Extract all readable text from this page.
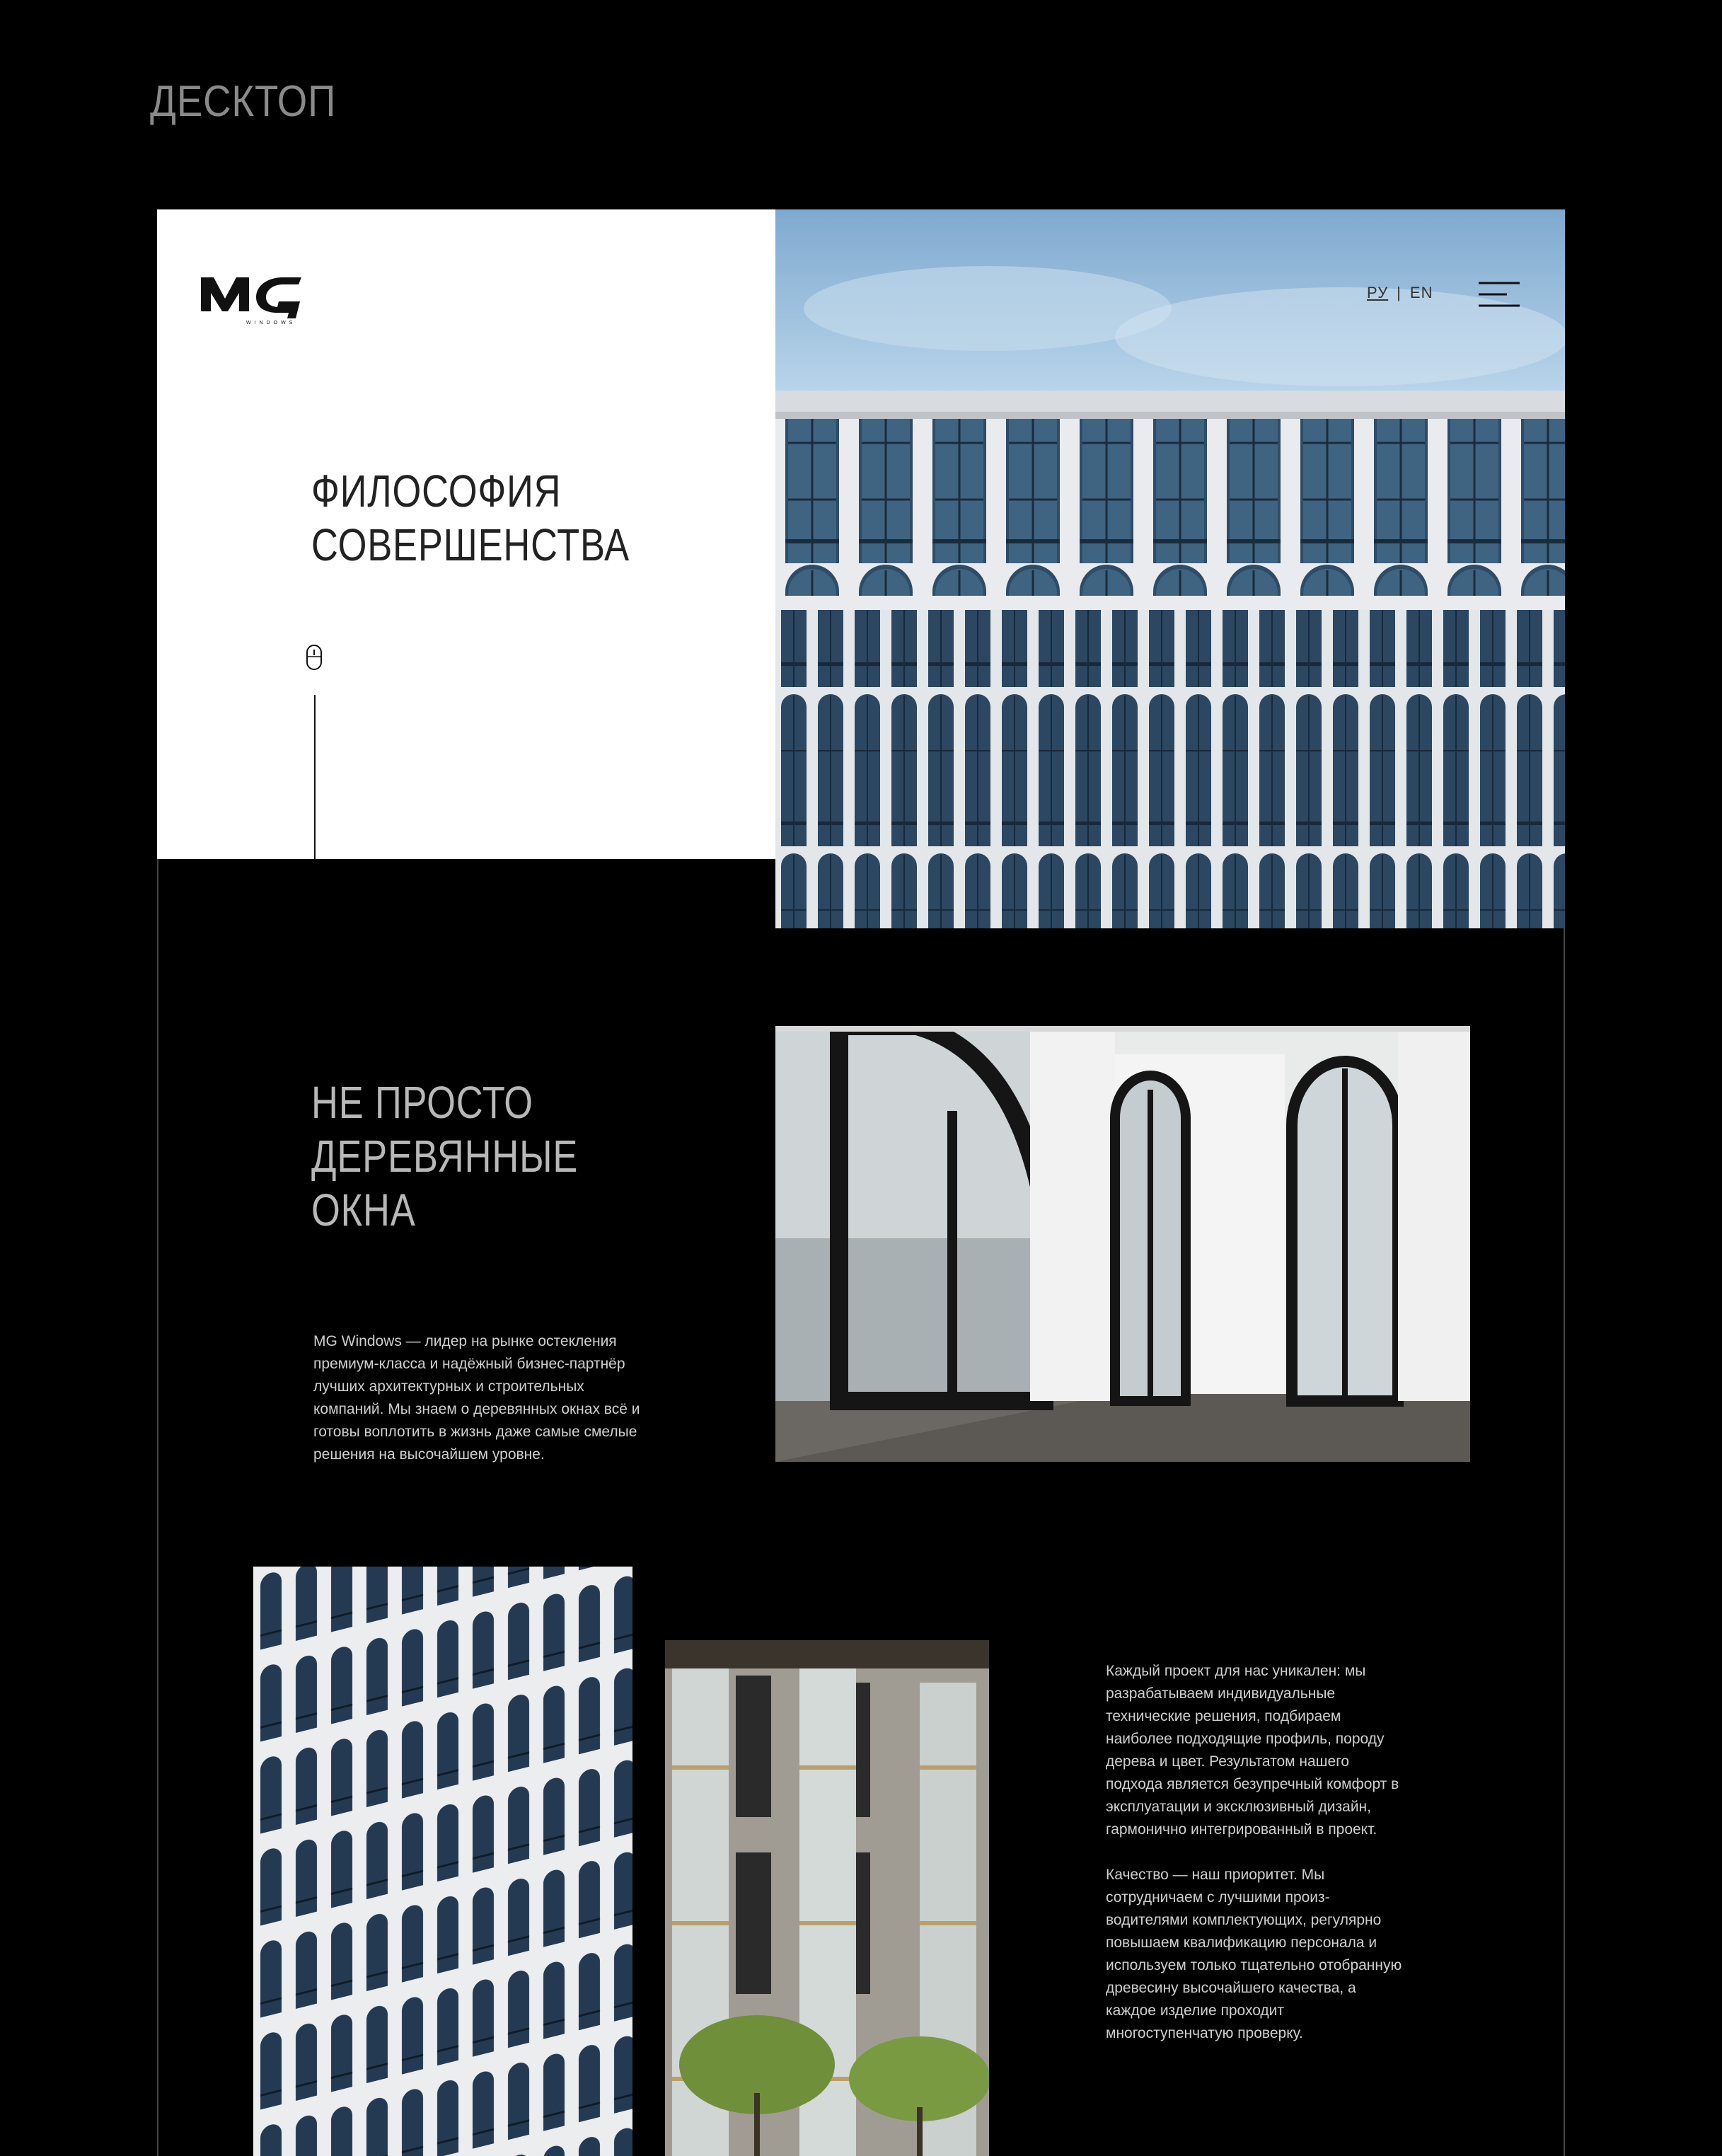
ДЕСКТОП
WINDOWS
ФИЛОСОФИЯ
СОВЕРШЕНСТВА
РУ | EN
НЕ ПРОСТО
ДЕРЕВЯННЫЕ
ОКНА
MG Windows — лидер на рынке остекления премиум-класса и надёжный бизнес-партнёр лучших архитектурных и строительных компаний. Мы знаем о деревянных окнах всё и готовы воплотить в жизнь даже самые смелые решения на высочайшем уровне.

Каждый проект для нас уникален: мы разрабатываем индивидуальные технические решения, подбираем наиболее подходящие профиль, породу дерева и цвет. Результатом нашего подхода является безупречный комфорт в эксплуатации и эксклюзивный дизайн, гармонично интегрированный в проект.

Качество — наш приоритет. Мы сотрудничаем с лучшими произ-водителями комплектующих, регулярно повышаем квалификацию персонала и используем только тщательно отобранную древесину высочайшего качества, а каждое изделие проходит многоступенчатую проверку.
